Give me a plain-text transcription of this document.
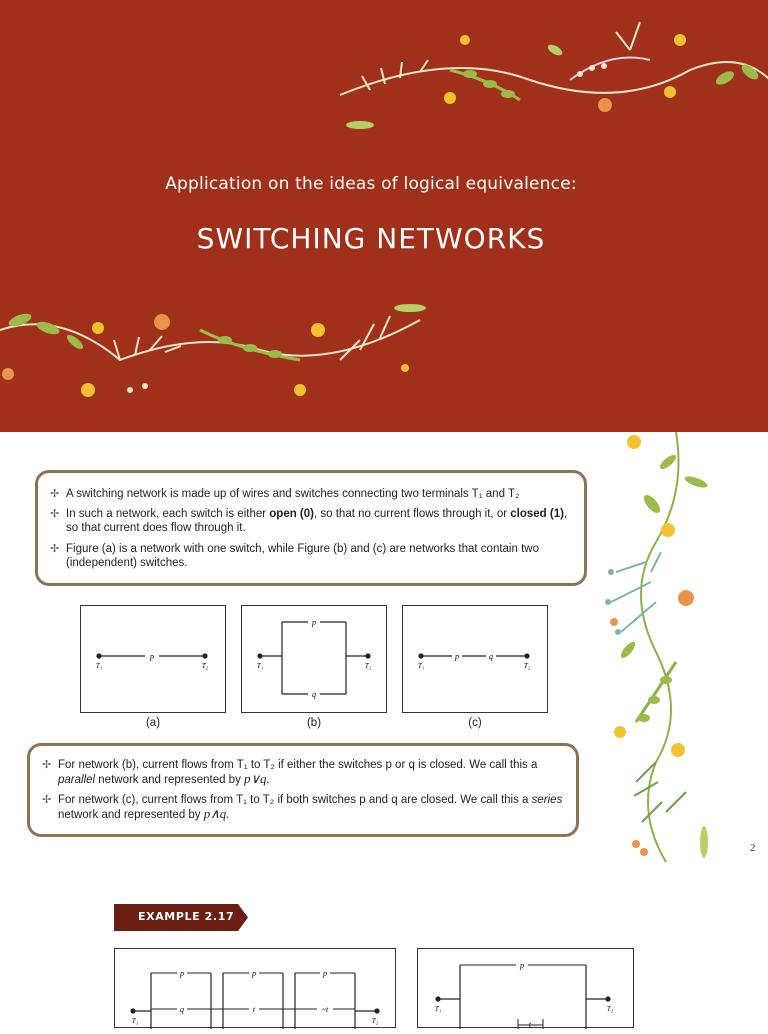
Application on the ideas of logical equivalence:
SWITCHING NETWORKS
✢ A switching network is made up of wires and switches connecting two terminals T₁ and T₂
✢ In such a network, each switch is either open (0), so that no current flows through it, or closed (1), so that current does flow through it.
✢ Figure (a) is a network with one switch, while Figure (b) and (c) are networks that contain two (independent) switches.
p
T₁	T₂
(a)
p
q
T₁	T₂
(b)
p	q
T₁	T₂
(c)
✢ For network (b), current flows from T₁ to T₂ if either the switches p or q is closed. We call this a parallel network and represented by p∨q.
✢ For network (c), current flows from T₁ to T₂ if both switches p and q are closed. We call this a series network and represented by p∧q.
2
EXAMPLE 2.17
p
q
p
t
p
~t
T₁	T₂
p
t
T₁	T₂
